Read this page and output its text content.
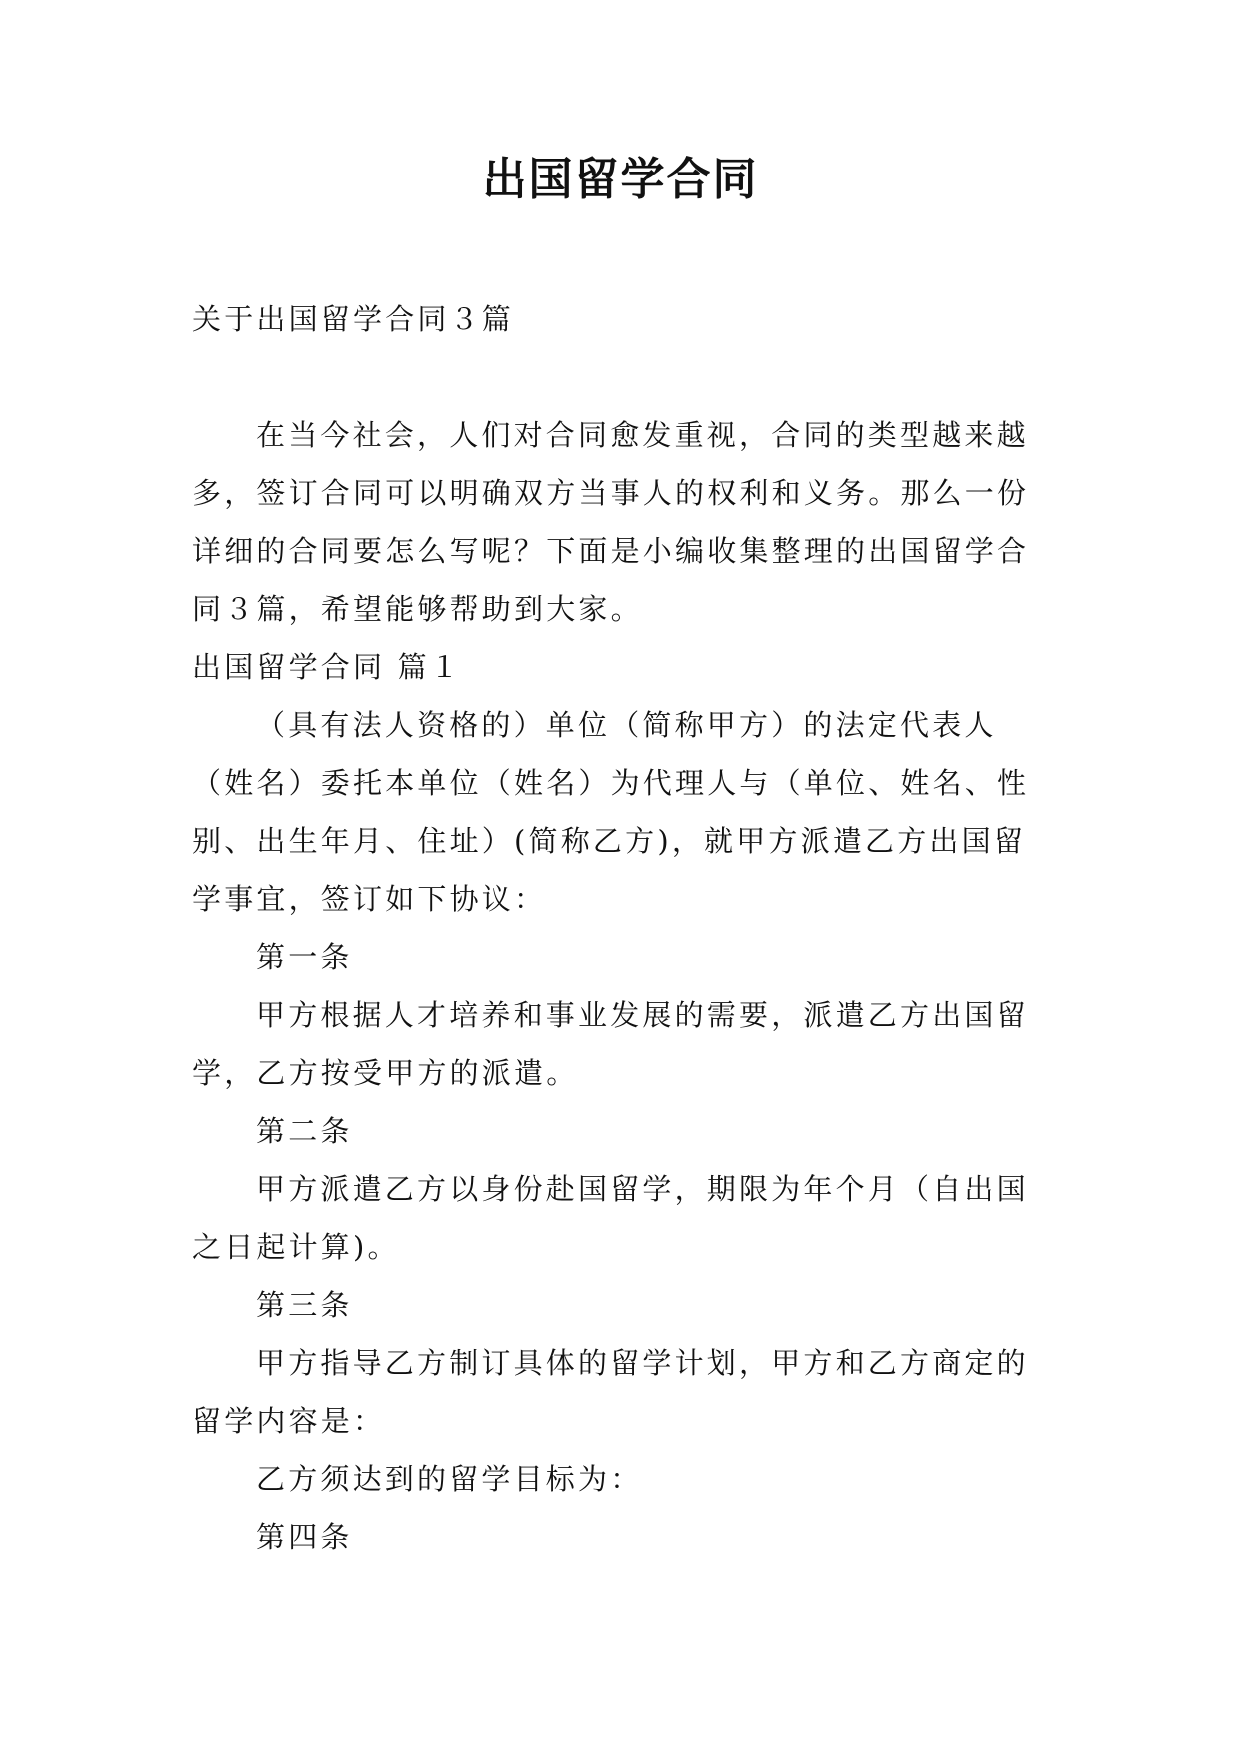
出国留学合同

关于出国留学合同３篇

在当今社会，人们对合同愈发重视，合同的类型越来越多，签订合同可以明确双方当事人的权利和义务。那么一份详细的合同要怎么写呢？下面是小编收集整理的出国留学合同３篇，希望能够帮助到大家。

出国留学合同 篇１

（具有法人资格的）单位（简称甲方）的法定代表人（姓名）委托本单位（姓名）为代理人与（单位、姓名、性别、出生年月、住址）(简称乙方)，就甲方派遣乙方出国留学事宜，签订如下协议：

第一条

甲方根据人才培养和事业发展的需要，派遣乙方出国留学，乙方按受甲方的派遣。

第二条

甲方派遣乙方以身份赴国留学，期限为年个月（自出国之日起计算)。

第三条

甲方指导乙方制订具体的留学计划，甲方和乙方商定的留学内容是：

乙方须达到的留学目标为：

第四条
